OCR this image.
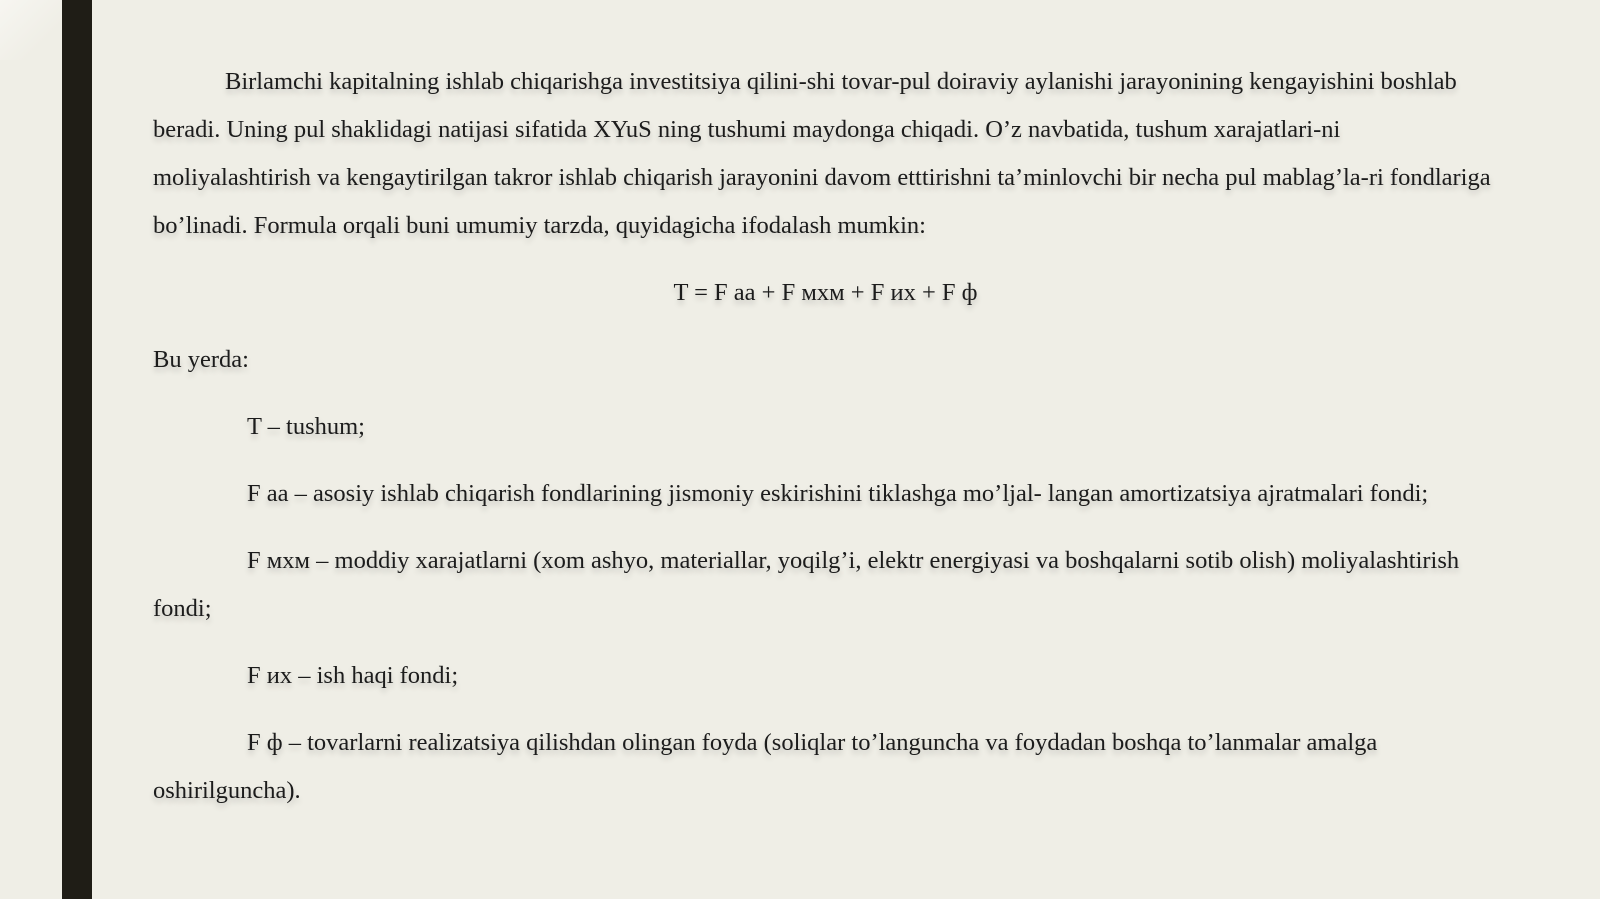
Birlamchi kapitalning ishlab chiqarishga investitsiya qilini-shi tovar-pul doiraviy aylanishi jarayonining kengayishini boshlab beradi. Uning pul shaklidagi natijasi sifatida XYuS ning tushumi maydonga chiqadi. O’z navbatida, tushum xarajatlari-ni moliyalashtirish va kengaytirilgan takror ishlab chiqarish jarayonini davom etttirishni ta’minlovchi bir necha pul mablag’la-ri fondlariga bo’linadi. Formula orqali buni umumiy tarzda, quyidagicha ifodalash mumkin:

T = F aa + F мхм + F их + F ф

Bu yerda:

T – tushum;

F aa – asosiy ishlab chiqarish fondlarining jismoniy eskirishini tiklashga mo’ljal- langan amortizatsiya ajratmalari fondi;

F мхм – moddiy xarajatlarni (xom ashyo, materiallar, yoqilg’i, elektr energiyasi va boshqalarni sotib olish) moliyalashtirish fondi;

F их – ish haqi fondi;

F ф – tovarlarni realizatsiya qilishdan olingan foyda (soliqlar to’languncha va foydadan boshqa to’lanmalar amalga oshirilguncha).
